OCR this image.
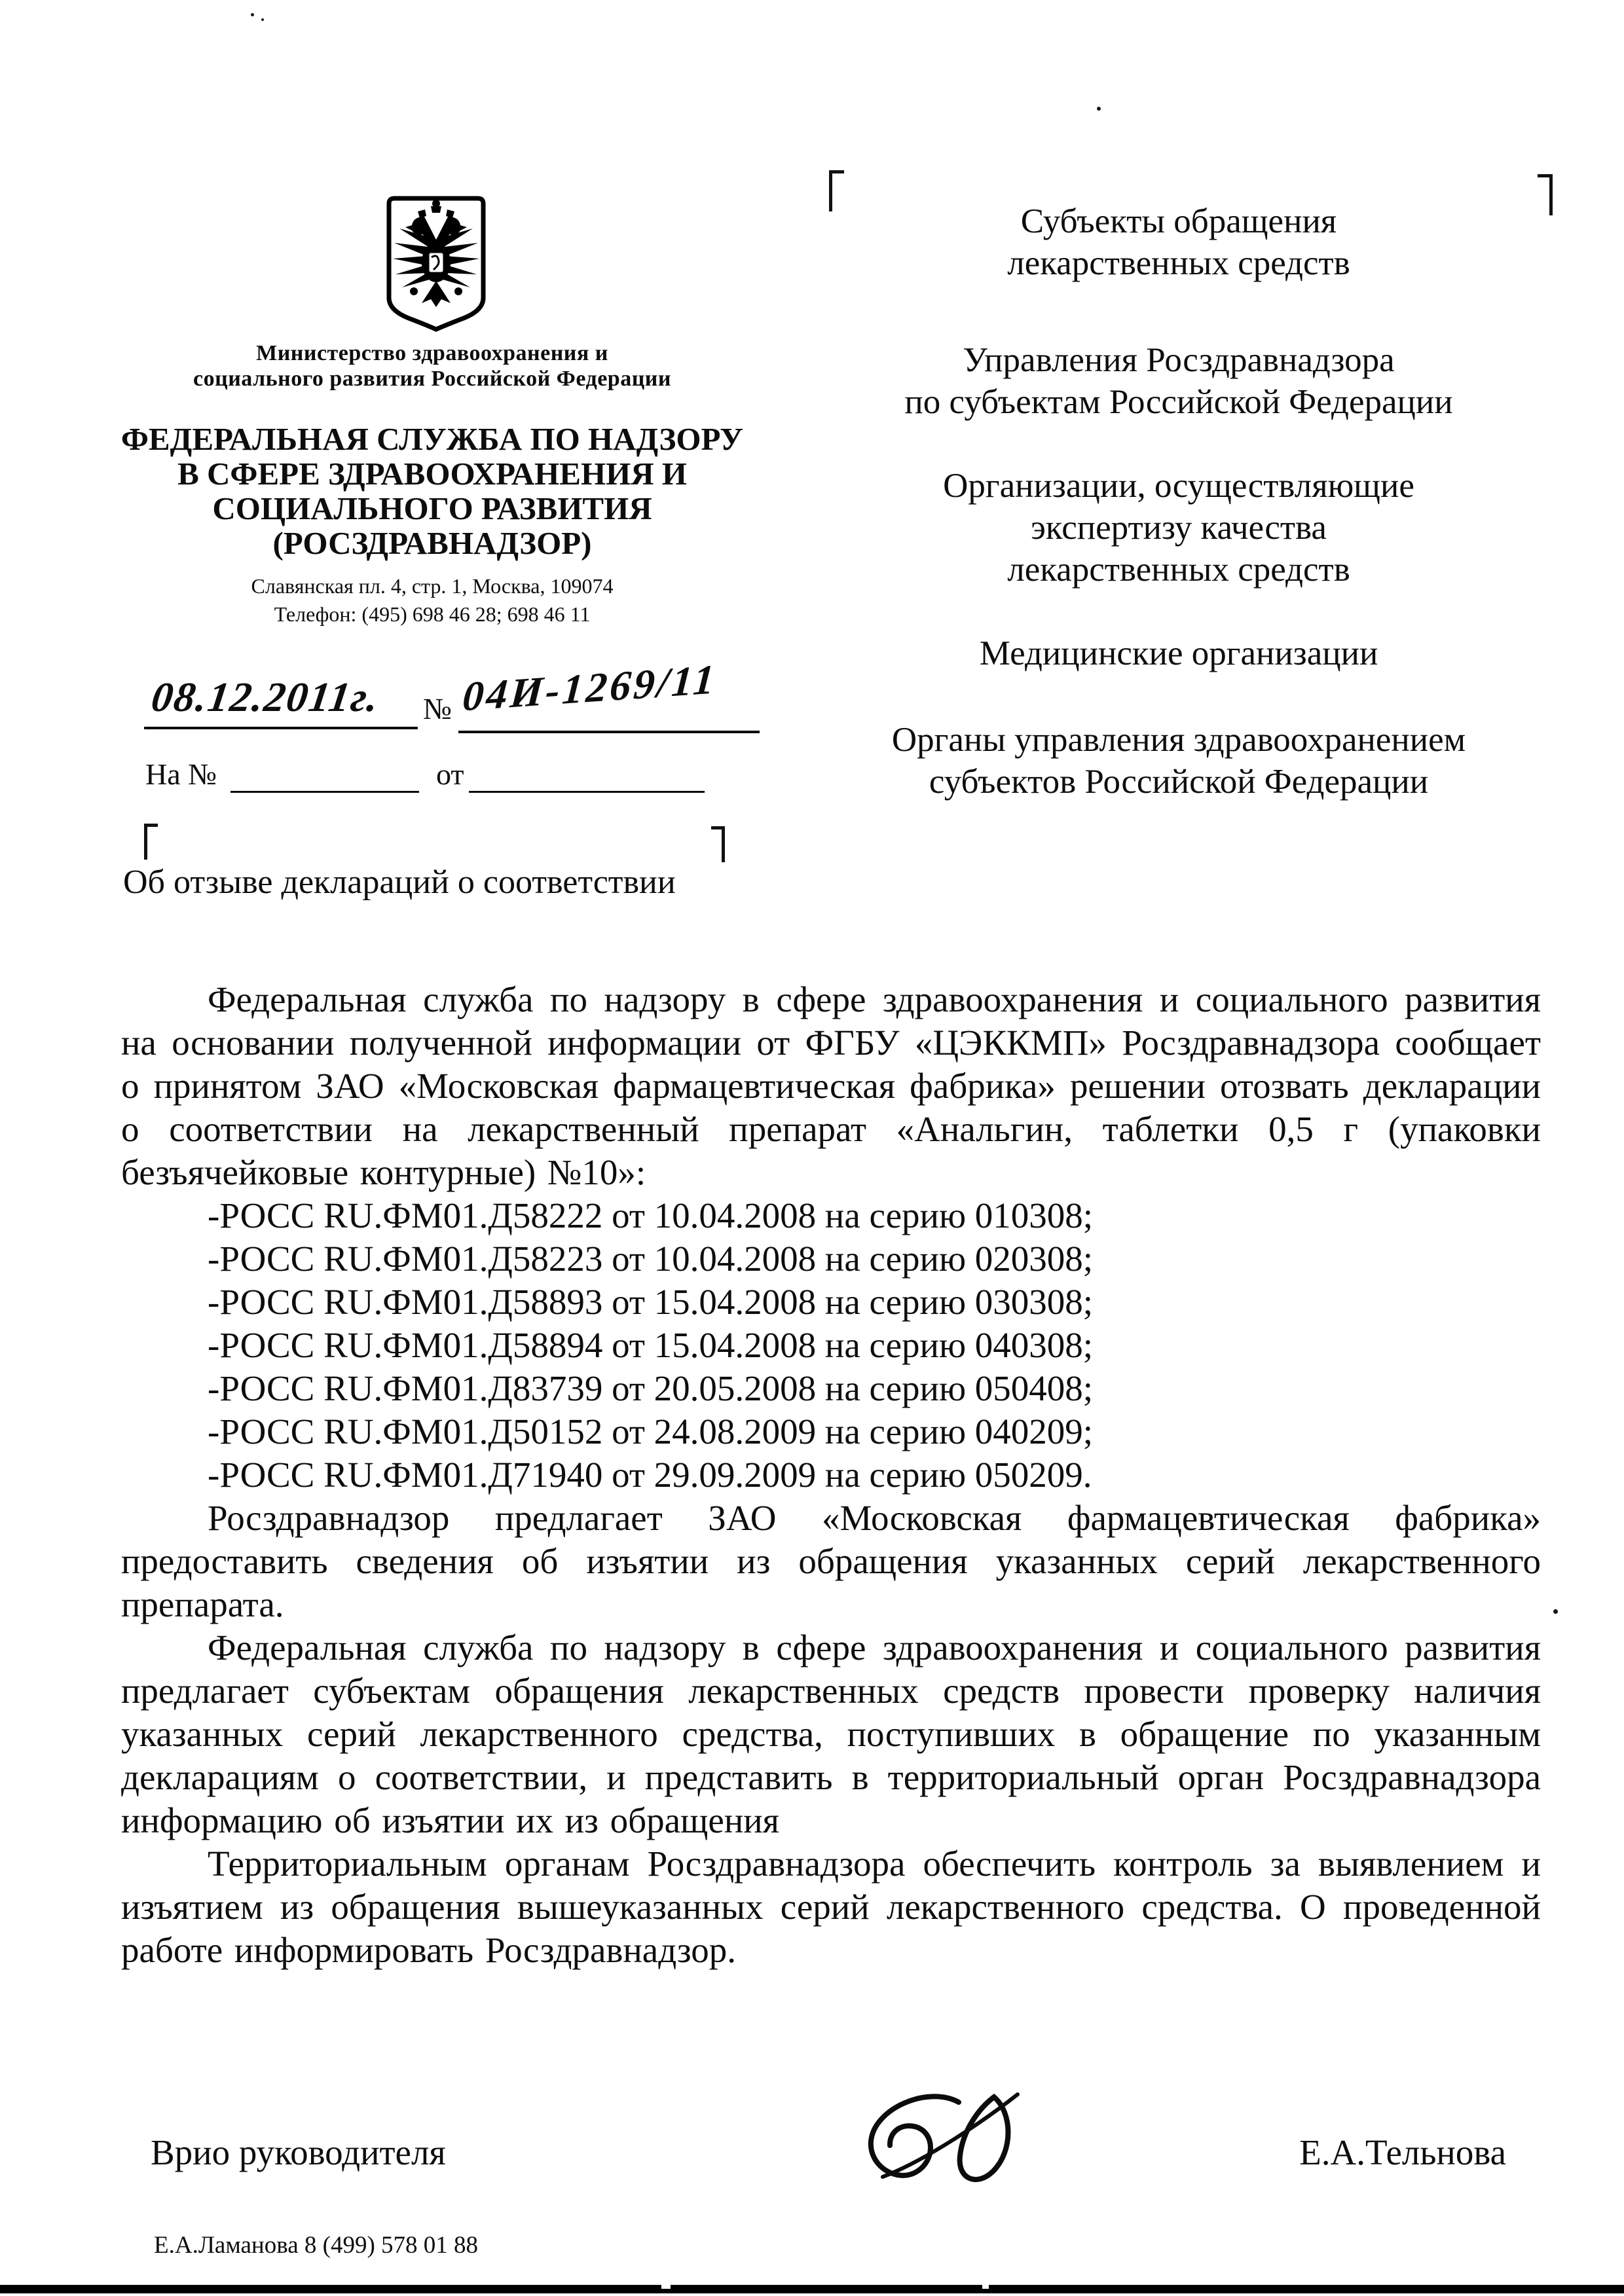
Министерство здравоохранения и
социального развития Российской Федерации
ФЕДЕРАЛЬНАЯ СЛУЖБА ПО НАДЗОРУ
В СФЕРЕ ЗДРАВООХРАНЕНИЯ И
СОЦИАЛЬНОГО РАЗВИТИЯ
(РОСЗДРАВНАДЗОР)
Славянская пл. 4, стр. 1, Москва, 109074
Телефон: (495) 698 46 28; 698 46 11
08.12.2011г. № 04И-1269/11
На №	от
Субъекты обращения
лекарственных средств
Управления Росздравнадзора
по субъектам Российской Федерации
Организации, осуществляющие
экспертизу качества
лекарственных средств
Медицинские организации
Органы управления здравоохранением
субъектов Российской Федерации
Об отзыве деклараций о соответствии

Федеральная служба по надзору в сфере здравоохранения и социального развития на основании полученной информации от ФГБУ «ЦЭККМП» Росздравнадзора сообщает о принятом ЗАО «Московская фармацевтическая фабрика» решении отозвать декларации о соответствии на лекарственный препарат «Анальгин, таблетки 0,5 г (упаковки безъячейковые контурные) №10»:

-РОСС RU.ФМ01.Д58222 от 10.04.2008 на серию 010308;
-РОСС RU.ФМ01.Д58223 от 10.04.2008 на серию 020308;
-РОСС RU.ФМ01.Д58893 от 15.04.2008 на серию 030308;
-РОСС RU.ФМ01.Д58894 от 15.04.2008 на серию 040308;
-РОСС RU.ФМ01.Д83739 от 20.05.2008 на серию 050408;
-РОСС RU.ФМ01.Д50152 от 24.08.2009 на серию 040209;
-РОСС RU.ФМ01.Д71940 от 29.09.2009 на серию 050209.

Росздравнадзор предлагает ЗАО «Московская фармацевтическая фабрика» предоставить сведения об изъятии из обращения указанных серий лекарственного препарата.

Федеральная служба по надзору в сфере здравоохранения и социального развития предлагает субъектам обращения лекарственных средств провести проверку наличия указанных серий лекарственного средства, поступивших в обращение по указанным декларациям о соответствии, и представить в территориальный орган Росздравнадзора информацию об изъятии их из обращения

Территориальным органам Росздравнадзора обеспечить контроль за выявлением и изъятием из обращения вышеуказанных серий лекарственного средства. О проведенной работе информировать Росздравнадзор.

Врио руководителя	Е.А.Тельнова
Е.А.Ламанова 8 (499) 578 01 88
